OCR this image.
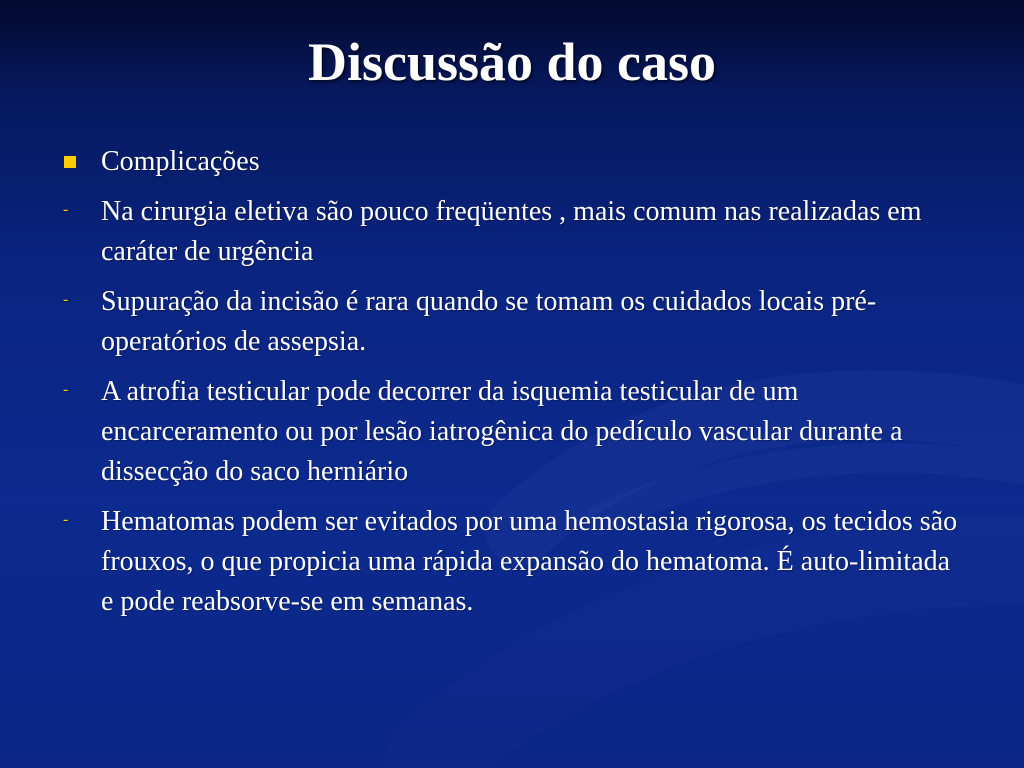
Discussão do caso
Complicações
- Na cirurgia eletiva são pouco freqüentes , mais comum nas realizadas em caráter de urgência
- Supuração da incisão é rara quando se tomam os cuidados locais pré-operatórios de assepsia.
- A atrofia testicular pode decorrer da isquemia testicular de um encarceramento ou por lesão iatrogênica do pedículo vascular durante a dissecção do saco herniário
- Hematomas podem ser evitados por uma hemostasia rigorosa, os tecidos são frouxos, o que propicia uma rápida expansão do hematoma. É auto-limitada e pode reabsorve-se em semanas.
